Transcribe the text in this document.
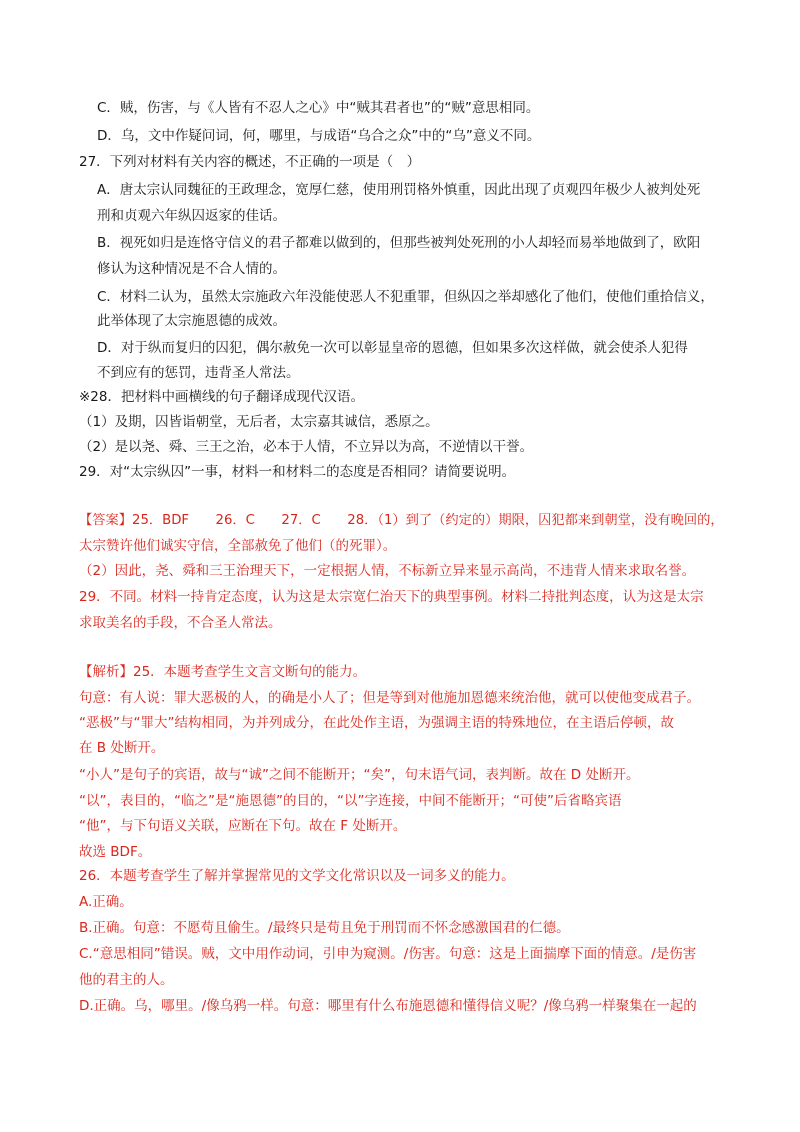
C．贼，伤害，与《人皆有不忍人之心》中“贼其君者也”的“贼”意思相同。
D．乌，文中作疑问词，何，哪里，与成语“乌合之众”中的“乌”意义不同。
27．下列对材料有关内容的概述，不正确的一项是（　）
A．唐太宗认同魏征的王政理念，宽厚仁慈，使用刑罚格外慎重，因此出现了贞观四年极少人被判处死
刑和贞观六年纵囚返家的佳话。
B．视死如归是连恪守信义的君子都难以做到的，但那些被判处死刑的小人却轻而易举地做到了，欧阳
修认为这种情况是不合人情的。
C．材料二认为，虽然太宗施政六年没能使恶人不犯重罪，但纵囚之举却感化了他们，使他们重拾信义，
此举体现了太宗施恩德的成效。
D．对于纵而复归的囚犯，偶尔赦免一次可以彰显皇帝的恩德，但如果多次这样做，就会使杀人犯得
不到应有的惩罚，违背圣人常法。
※28．把材料中画横线的句子翻译成现代汉语。
（1）及期，囚皆诣朝堂，无后者，太宗嘉其诚信，悉原之。
（2）是以尧、舜、三王之治，必本于人情，不立异以为高，不逆情以干誉。
29．对“太宗纵囚”一事，材料一和材料二的态度是否相同？请简要说明。
【答案】25．BDF　　26．C　　27．C　　28．（1）到了（约定的）期限，囚犯都来到朝堂，没有晚回的，
太宗赞许他们诚实守信，全部赦免了他们（的死罪）。
（2）因此，尧、舜和三王治理天下，一定根据人情，不标新立异来显示高尚，不违背人情来求取名誉。
29．不同。材料一持肯定态度，认为这是太宗宽仁治天下的典型事例。材料二持批判态度，认为这是太宗
求取美名的手段，不合圣人常法。
【解析】25．本题考查学生文言文断句的能力。
句意：有人说：罪大恶极的人，的确是小人了；但是等到对他施加恩德来统治他，就可以使他变成君子。
“恶极”与“罪大”结构相同，为并列成分，在此处作主语，为强调主语的特殊地位，在主语后停顿，故
在 B 处断开。
“小人”是句子的宾语，故与“诚”之间不能断开；“矣”，句末语气词，表判断。故在 D 处断开。
“以”，表目的，“临之”是“施恩德”的目的，“以”字连接，中间不能断开；“可使”后省略宾语
“他”，与下句语义关联，应断在下句。故在 F 处断开。
故选 BDF。
26．本题考查学生了解并掌握常见的文学文化常识以及一词多义的能力。
A.正确。
B.正确。句意：不愿苟且偷生。/最终只是苟且免于刑罚而不怀念感激国君的仁德。
C.“意思相同”错误。贼，文中用作动词，引申为窥测。/伤害。句意：这是上面揣摩下面的情意。/是伤害
他的君主的人。
D.正确。乌，哪里。/像乌鸦一样。句意：哪里有什么布施恩德和懂得信义呢？/像乌鸦一样聚集在一起的
